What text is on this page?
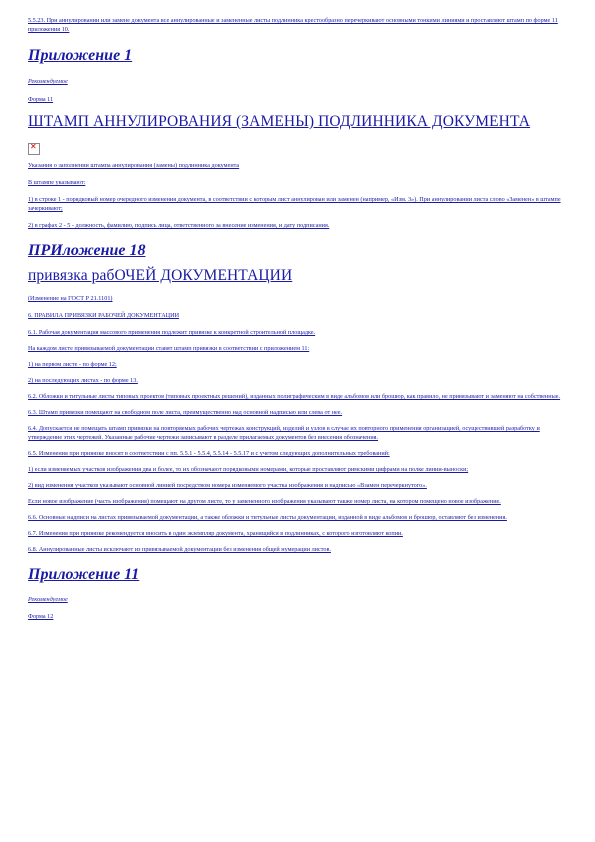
5.5.23. При аннулировании или замене документа все аннулированные и замененные листы подлинника крестообразно перечеркивают основными тонкими линиями и проставляют штамп по форме 11 приложения 10.

Приложение 1

Рекомендуемое

Форма 11

ШТАМП АННУЛИРОВАНИЯ (ЗАМЕНЫ) ПОДЛИННИКА ДОКУМЕНТА
✕

Указания о заполнении штампа аннулирования (замены) подлинника документа

В штампе указывают:

1) в строке 1 - порядковый номер очередного изменения документа, в соответствии с которым лист аннулирован или заменен (например, «Изм. 3»). При аннулировании листа слово «Заменен» в штампе зачеркивают;

2) в графах 2 - 5 - должность, фамилию, подпись лица, ответственного за внесение изменения, и дату подписания.

ПРИложение 18
привязка рабОЧЕЙ ДОКУМЕНТАЦИИ

(Изменение на ГОСТ Р 21.1101)

6. ПРАВИЛА ПРИВЯЗКИ РАБОЧЕЙ ДОКУМЕНТАЦИИ

6.1. Рабочая документация массового применения подлежит привязке к конкретной строительной площадке.

На каждом листе привязываемой документации ставят штамп привязки в соответствии с приложением 11:

1) на первом листе - по форме 12;

2) на последующих листах - по форме 13.

6.2. Обложки и титульные листы типовых проектов (типовых проектных решений), изданных полиграфическим в виде альбомов или брошюр, как правило, не привязывают и заменяют на собственные.

6.3. Штамп привязки помещают на свободном поле листа, преимущественно над основной надписью или слева от нее.

6.4. Допускается не помещать штамп привязки на повторяемых рабочих чертежах конструкций, изделий и узлов в случае их повторного применения организацией, осуществившей разработку и утверждение этих чертежей. Указанные рабочие чертежи записывают в разделе прилагаемых документов без внесения обозначения.

6.5. Изменения при привязке вносят в соответствии с пп. 5.5.1 - 5.5.4, 5.5.14 - 5.5.17 и с учетом следующих дополнительных требований:

1) если изменяемых участков изображения два и более, то их обозначают порядковыми номерами, которые проставляют римскими цифрами на полке линии-выноски;

2) вид изменения участков указывают основной линией посредством номера изменяемого участка изображения и надписью «Взамен перечеркнутого».

Если новое изображение (часть изображения) помещают на другом листе, то у замененного изображения указывают также номер листа, на котором помещено новое изображение.

6.6. Основные надписи на листах привязываемой документации, а также обложки и титульные листы документации, изданной в виде альбомов и брошюр, оставляют без изменения.

6.7. Изменения при привязке рекомендуется вносить в один экземпляр документа, хранящийся в подлинниках, с которого изготовляют копии.

6.8. Аннулированные листы исключают из привязываемой документации без изменения общей нумерации листов.

Приложение 11

Рекомендуемое

Форма 12
